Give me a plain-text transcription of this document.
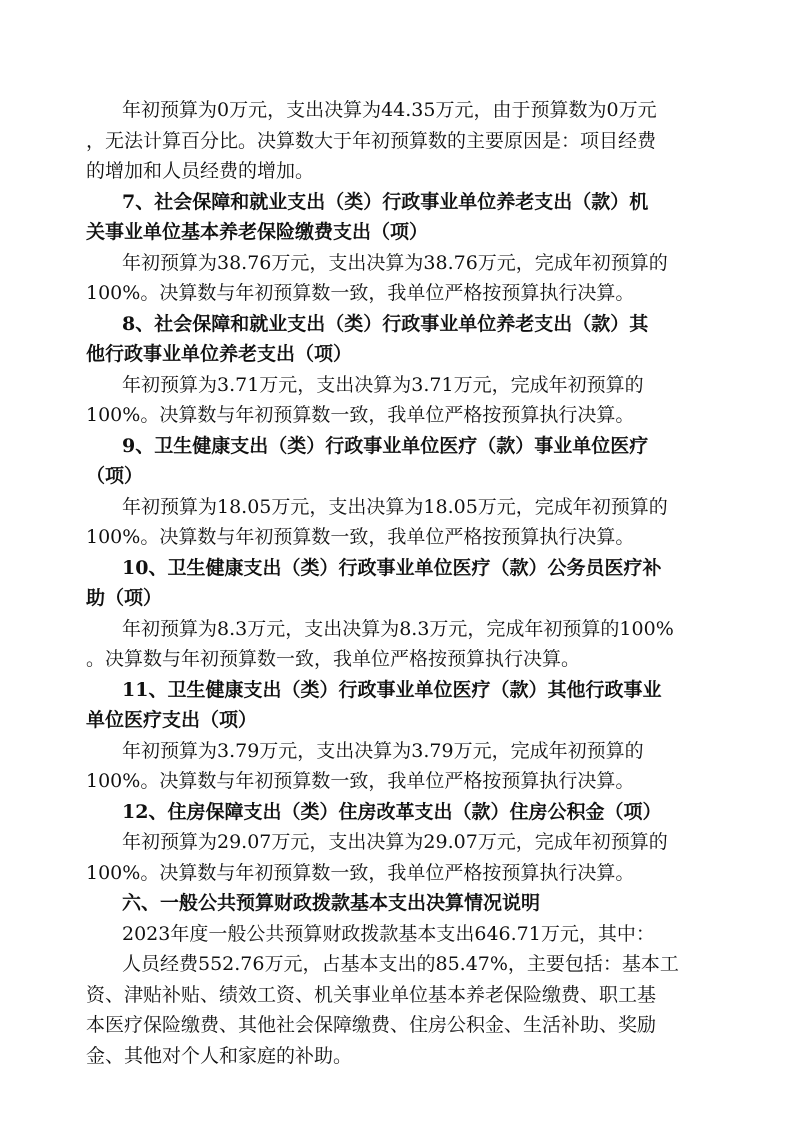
年初预算为0万元，支出决算为44.35万元，由于预算数为0万元
，无法计算百分比。决算数大于年初预算数的主要原因是：项目经费
的增加和人员经费的增加。
7、社会保障和就业支出（类）行政事业单位养老支出（款）机
关事业单位基本养老保险缴费支出（项）
年初预算为38.76万元，支出决算为38.76万元，完成年初预算的
100%。决算数与年初预算数一致，我单位严格按预算执行决算。
8、社会保障和就业支出（类）行政事业单位养老支出（款）其
他行政事业单位养老支出（项）
年初预算为3.71万元，支出决算为3.71万元，完成年初预算的
100%。决算数与年初预算数一致，我单位严格按预算执行决算。
9、卫生健康支出（类）行政事业单位医疗（款）事业单位医疗
（项）
年初预算为18.05万元，支出决算为18.05万元，完成年初预算的
100%。决算数与年初预算数一致，我单位严格按预算执行决算。
10、卫生健康支出（类）行政事业单位医疗（款）公务员医疗补
助（项）
年初预算为8.3万元，支出决算为8.3万元，完成年初预算的100%
。决算数与年初预算数一致，我单位严格按预算执行决算。
11、卫生健康支出（类）行政事业单位医疗（款）其他行政事业
单位医疗支出（项）
年初预算为3.79万元，支出决算为3.79万元，完成年初预算的
100%。决算数与年初预算数一致，我单位严格按预算执行决算。
12、住房保障支出（类）住房改革支出（款）住房公积金（项）
年初预算为29.07万元，支出决算为29.07万元，完成年初预算的
100%。决算数与年初预算数一致，我单位严格按预算执行决算。
六、一般公共预算财政拨款基本支出决算情况说明
2023年度一般公共预算财政拨款基本支出646.71万元，其中：
人员经费552.76万元，占基本支出的85.47%，主要包括：基本工
资、津贴补贴、绩效工资、机关事业单位基本养老保险缴费、职工基
本医疗保险缴费、其他社会保障缴费、住房公积金、生活补助、奖励
金、其他对个人和家庭的补助。
